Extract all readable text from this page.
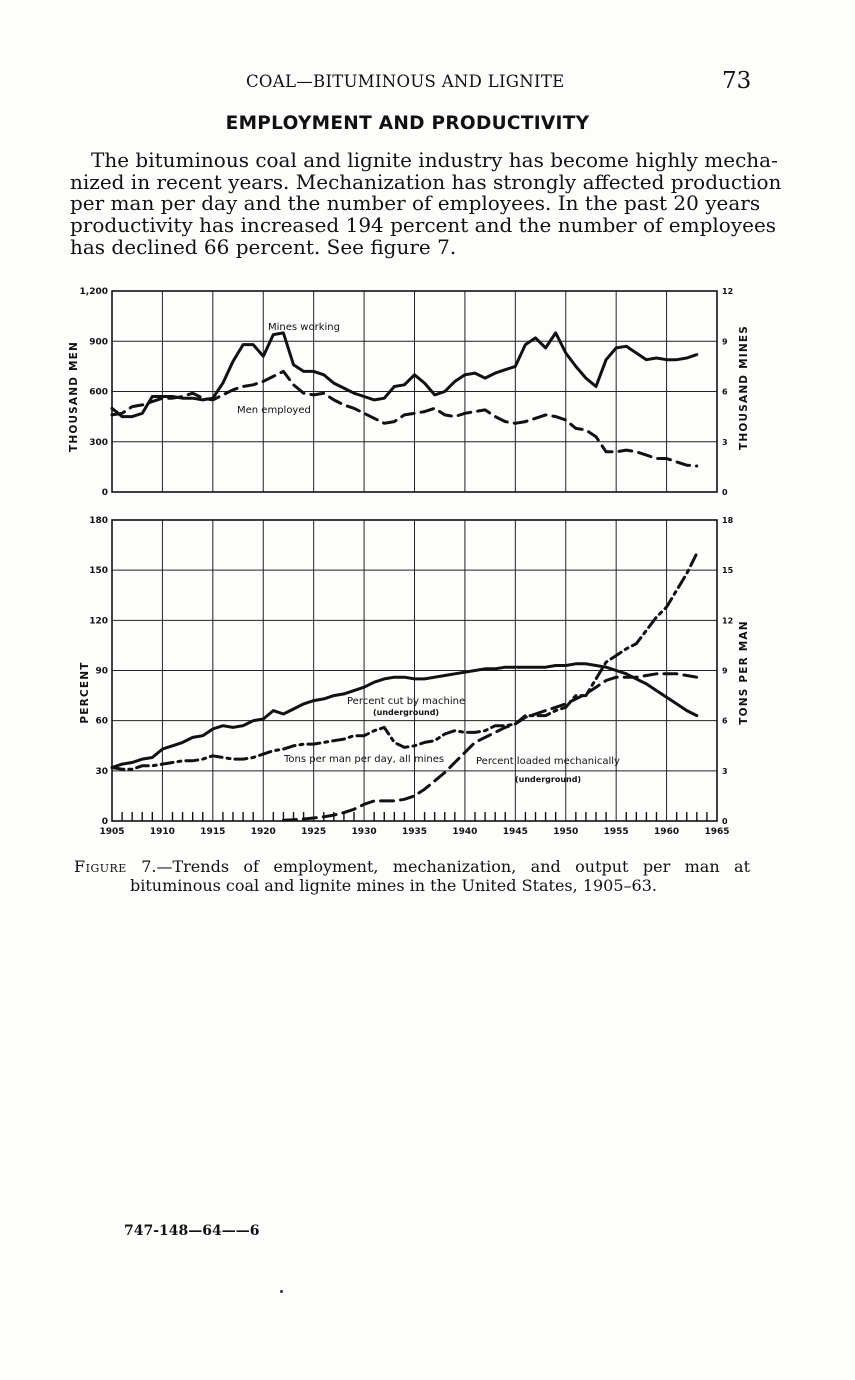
COAL—BITUMINOUS AND LIGNITE	73
EMPLOYMENT AND PRODUCTIVITY
The bituminous coal and lignite industry has become highly mecha-
nized in recent years. Mechanization has strongly affected production
per man per day and the number of employees. In the past 20 years
productivity has increased 194 percent and the number of employees
has declined 66 percent. See figure 7.
0
300
600
900
1,200
0
3
6
9
12
THOUSAND MEN	THOUSAND MINES
Mines working
Men employed
0
30
60
90
120
150
180
0
3
6
9
12
15
18
PERCENT	TONS PER MAN
1905	1910	1915	1920	1925	1930	1935	1940	1945	1950	1955	1960	1965
Percent cut by machine
Percent loaded mechanically
Tons per man per day, all mines
(underground)
(underground)
Figure 7.—Trends of employment, mechanization, and output per man at
bituminous coal and lignite mines in the United States, 1905–63.
747-148—64——6
